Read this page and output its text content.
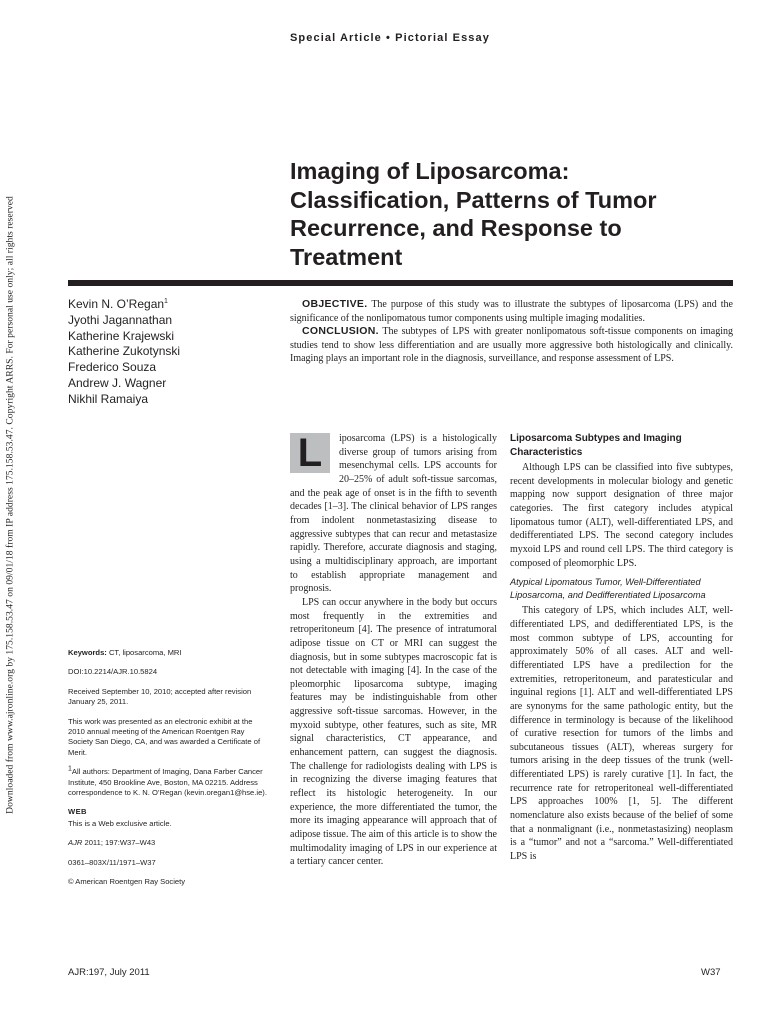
Downloaded from www.ajronline.org by 175.158.53.47 on 09/01/18 from IP address 175.158.53.47. Copyright ARRS. For personal use only; all rights reserved
Special Article • Pictorial Essay
Imaging of Liposarcoma: Classification, Patterns of Tumor Recurrence, and Response to Treatment
Kevin N. O’Regan$^1$
Jyothi Jagannathan
Katherine Krajewski
Katherine Zukotynski
Frederico Souza
Andrew J. Wagner
Nikhil Ramaiya

OBJECTIVE. The purpose of this study was to illustrate the subtypes of liposarcoma (LPS) and the significance of the nonlipomatous tumor components using multiple imaging modalities.

CONCLUSION. The subtypes of LPS with greater nonlipomatous soft-tissue components on imaging studies tend to show less differentiation and are usually more aggressive both histologically and clinically. Imaging plays an important role in the diagnosis, surveillance, and response assessment of LPS.

Keywords: CT, liposarcoma, MRI

DOI:10.2214/AJR.10.5824

Received September 10, 2010; accepted after revision January 25, 2011.

This work was presented as an electronic exhibit at the 2010 annual meeting of the American Roentgen Ray Society San Diego, CA, and was awarded a Certificate of Merit.

$^1$All authors: Department of Imaging, Dana Farber Cancer Institute, 450 Brookline Ave, Boston, MA 02215. Address correspondence to K. N. O’Regan (kevin.oregan1@hse.ie).

WEB

This is a Web exclusive article.

AJR 2011; 197:W37–W43

0361–803X/11/1971–W37

© American Roentgen Ray Society

L	iposarcoma (LPS) is a histologically diverse group of tumors arising from mesenchymal cells. LPS accounts for 20–25% of adult soft-tissue sarcomas, and the peak age of onset is in the fifth to seventh decades [1–3]. The clinical behavior of LPS ranges from indolent nonmetastasizing disease to aggressive subtypes that can recur and metastasize rapidly. Therefore, accurate diagnosis and staging, using a multidisciplinary approach, are important to establish appropriate management and prognosis.

LPS can occur anywhere in the body but occurs most frequently in the extremities and retroperitoneum [4]. The presence of intratumoral adipose tissue on CT or MRI can suggest the diagnosis, but in some subtypes macroscopic fat is not detectable with imaging [4]. In the case of the pleomorphic liposarcoma subtype, imaging features may be indistinguishable from other aggressive soft-tissue sarcomas. However, in the myxoid subtype, other features, such as site, MR signal characteristics, CT appearance, and enhancement pattern, can suggest the diagnosis. The challenge for radiologists dealing with LPS is in recognizing the diverse imaging features that reflect its histologic heterogeneity. In our experience, the more differentiated the tumor, the more its imaging appearance will approach that of adipose tissue. The aim of this article is to show the multimodality imaging of LPS in our experience at a tertiary cancer center.

Liposarcoma Subtypes and Imaging Characteristics

Although LPS can be classified into five subtypes, recent developments in molecular biology and genetic mapping now support designation of three major categories. The first category includes atypical lipomatous tumor (ALT), well-differentiated LPS, and dedifferentiated LPS. The second category includes myxoid LPS and round cell LPS. The third category is composed of pleomorphic LPS.

Atypical Lipomatous Tumor, Well-Differentiated Liposarcoma, and Dedifferentiated Liposarcoma

This category of LPS, which includes ALT, well-differentiated LPS, and dedifferentiated LPS, is the most common subtype of LPS, accounting for approximately 50% of all cases. ALT and well-differentiated LPS have a predilection for the extremities, retroperitoneum, and paratesticular and inguinal regions [1]. ALT and well-differentiated LPS are synonyms for the same pathologic entity, but the difference in terminology is because of the likelihood of curative resection for tumors of the limbs and subcutaneous tissues (ALT), whereas surgery for tumors arising in the deep tissues of the trunk (well-differentiated LPS) is rarely curative [1]. In fact, the recurrence rate for retroperitoneal well-differentiated LPS approaches 100% [1, 5]. The different nomenclature also exists because of the belief of some that a nonmalignant (i.e., nonmetastasizing) neoplasm is a “tumor” and not a “sarcoma.” Well-differentiated LPS is

AJR:197, July 2011	W37
